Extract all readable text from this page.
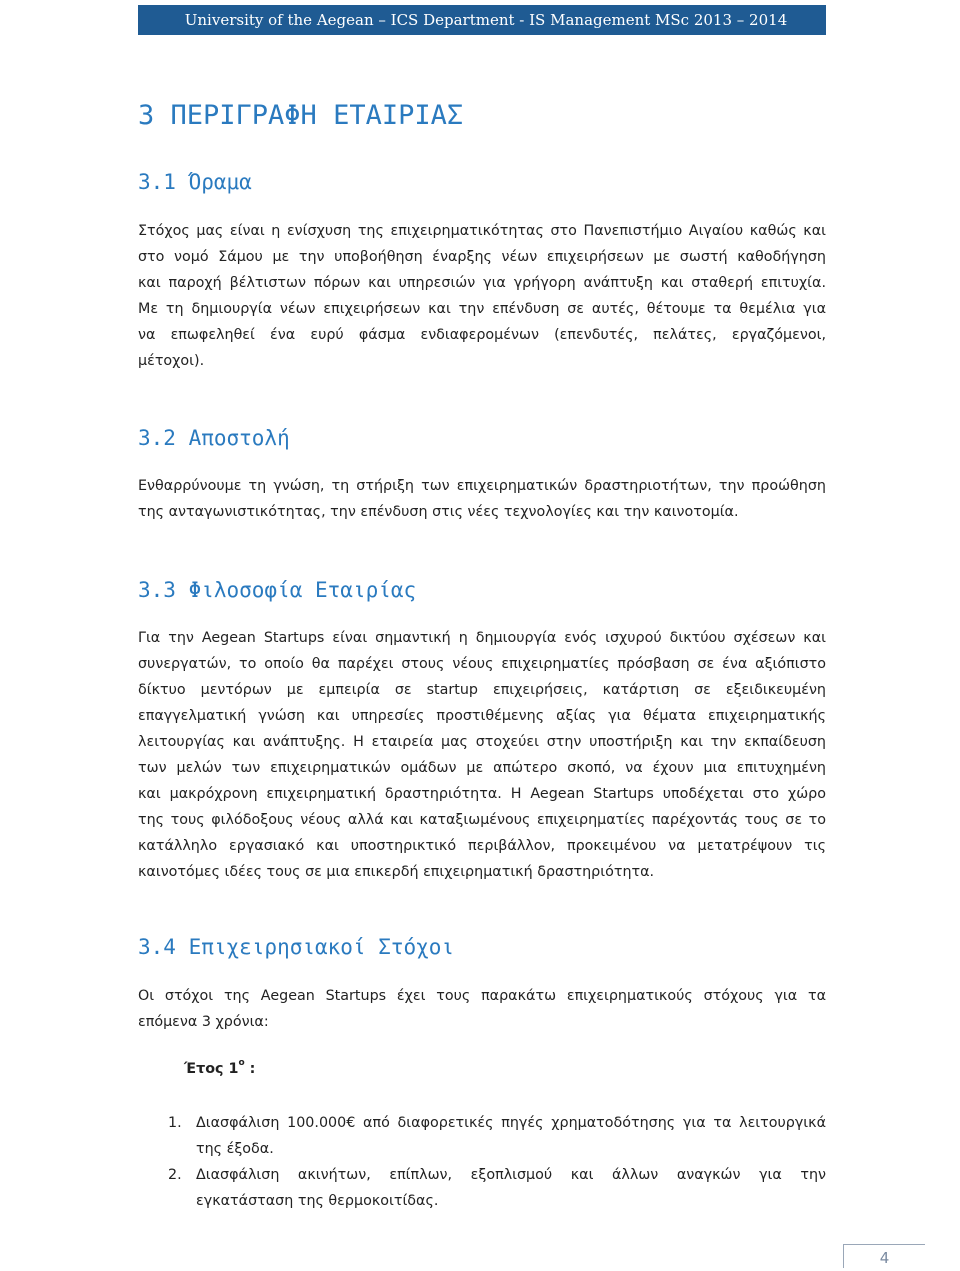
University of the Aegean – ICS Department - IS Management MSc 2013 – 2014
3 ΠΕΡΙΓΡΑΦΗ ΕΤΑΙΡΙΑΣ
3.1 Όραμα
Στόχος μας είναι η ενίσχυση της επιχειρηματικότητας στο Πανεπιστήμιο Αιγαίου καθώς και
στο νομό Σάμου με την υποβοήθηση έναρξης νέων επιχειρήσεων με σωστή καθοδήγηση
και παροχή βέλτιστων πόρων και υπηρεσιών για γρήγορη ανάπτυξη και σταθερή επιτυχία.
Με τη δημιουργία νέων επιχειρήσεων και την επένδυση σε αυτές, θέτουμε τα θεμέλια για
να επωφεληθεί ένα ευρύ φάσμα ενδιαφερομένων (επενδυτές, πελάτες, εργαζόμενοι,
μέτοχοι).
3.2 Αποστολή
Ενθαρρύνουμε τη γνώση, τη στήριξη των επιχειρηματικών δραστηριοτήτων, την προώθηση
της ανταγωνιστικότητας, την επένδυση στις νέες τεχνολογίες και την καινοτομία.
3.3 Φιλοσοφία Εταιρίας
Για την Aegean Startups είναι σημαντική η δημιουργία ενός ισχυρού δικτύου σχέσεων και
συνεργατών, το οποίο θα παρέχει στους νέους επιχειρηματίες πρόσβαση σε ένα αξιόπιστο
δίκτυο μεντόρων με εμπειρία σε startup επιχειρήσεις, κατάρτιση σε εξειδικευμένη
επαγγελματική γνώση και υπηρεσίες προστιθέμενης αξίας για θέματα επιχειρηματικής
λειτουργίας και ανάπτυξης. Η εταιρεία μας στοχεύει στην υποστήριξη και την εκπαίδευση
των μελών των επιχειρηματικών ομάδων με απώτερο σκοπό, να έχουν μια επιτυχημένη
και μακρόχρονη επιχειρηματική δραστηριότητα. Η Aegean Startups υποδέχεται στο χώρο
της τους φιλόδοξους νέους αλλά και καταξιωμένους επιχειρηματίες παρέχοντάς τους σε το
κατάλληλο εργασιακό και υποστηρικτικό περιβάλλον, προκειμένου να μετατρέψουν τις
καινοτόμες ιδέες τους σε μια επικερδή επιχειρηματική δραστηριότητα.
3.4 Επιχειρησιακοί Στόχοι
Οι στόχοι της Aegean Startups έχει τους παρακάτω επιχειρηματικούς στόχους για τα
επόμενα 3 χρόνια:
Έτος $1^o$ :
1. Διασφάλιση 100.000€ από διαφορετικές πηγές χρηματοδότησης για τα λειτουργικά
της έξοδα.
2. Διασφάλιση ακινήτων, επίπλων, εξοπλισμού και άλλων αναγκών για την
εγκατάσταση της θερμοκοιτίδας.
4
